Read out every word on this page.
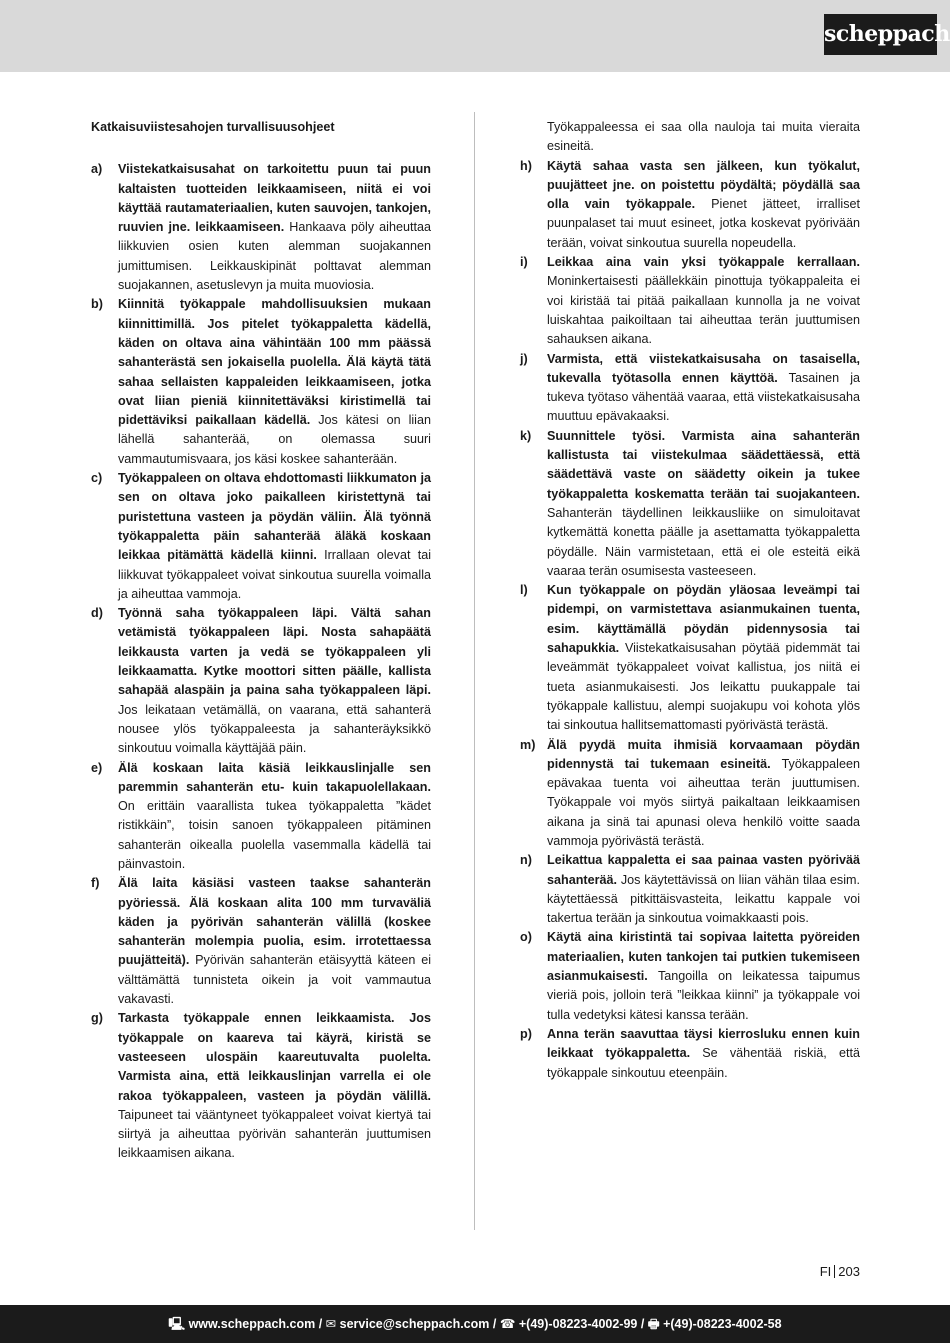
scheppach

Katkaisuviistesahojen turvallisuusohjeet

a)	Viistekatkaisusahat on tarkoitettu puun tai puun kaltaisten tuotteiden leikkaamiseen, niitä ei voi käyttää rautamateriaalien, kuten sauvojen, tankojen, ruuvien jne. leikkaamiseen. Hankaava pöly aiheuttaa liikkuvien osien kuten alemman suojakannen jumittumisen. Leikkauskipinät polttavat alemman suojakannen, asetuslevyn ja muita muoviosia.
b)	Kiinnitä työkappale mahdollisuuksien mukaan kiinnittimillä. Jos pitelet työkappaletta kädellä, käden on oltava aina vähintään 100 mm päässä sahanterästä sen jokaisella puolella. Älä käytä tätä sahaa sellaisten kappaleiden leikkaamiseen, jotka ovat liian pieniä kiinnitettäväksi kiristimellä tai pidettäviksi paikallaan kädellä. Jos kätesi on liian lähellä sahanterää, on olemassa suuri vammautumisvaara, jos käsi koskee sahanterään.
c)	Työkappaleen on oltava ehdottomasti liikkumaton ja sen on oltava joko paikalleen kiristettynä tai puristettuna vasteen ja pöydän väliin. Älä työnnä työkappaletta päin sahanterää äläkä koskaan leikkaa pitämättä kädellä kiinni. Irrallaan olevat tai liikkuvat työkappaleet voivat sinkoutua suurella voimalla ja aiheuttaa vammoja.
d)	Työnnä saha työkappaleen läpi. Vältä sahan vetämistä työkappaleen läpi. Nosta sahapäätä leikkausta varten ja vedä se työkappaleen yli leikkaamatta. Kytke moottori sitten päälle, kallista sahapää alaspäin ja paina saha työkappaleen läpi. Jos leikataan vetämällä, on vaarana, että sahanterä nousee ylös työkappaleesta ja sahanteräyksikkö sinkoutuu voimalla käyttäjää päin.
e)	Älä koskaan laita käsiä leikkauslinjalle sen paremmin sahanterän etu- kuin takapuolellakaan. On erittäin vaarallista tukea työkappaletta ”kädet ristikkäin”, toisin sanoen työkappaleen pitäminen sahanterän oikealla puolella vasemmalla kädellä tai päinvastoin.
f)	Älä laita käsiäsi vasteen taakse sahanterän pyöriessä. Älä koskaan alita 100 mm turvaväliä käden ja pyörivän sahanterän välillä (koskee sahanterän molempia puolia, esim. irrotettaessa puujätteitä). Pyörivän sahanterän etäisyyttä käteen ei välttämättä tunnisteta oikein ja voit vammautua vakavasti.
g)	Tarkasta työkappale ennen leikkaamista. Jos työkappale on kaareva tai käyrä, kiristä se vasteeseen ulospäin kaareutuvalta puolelta. Varmista aina, että leikkauslinjan varrella ei ole rakoa työkappaleen, vasteen ja pöydän välillä. Taipuneet tai vääntyneet työkappaleet voivat kiertyä tai siirtyä ja aiheuttaa pyörivän sahanterän juuttumisen leikkaamisen aikana.

Työkappaleessa ei saa olla nauloja tai muita vieraita esineitä.

h)	Käytä sahaa vasta sen jälkeen, kun työkalut, puujätteet jne. on poistettu pöydältä; pöydällä saa olla vain työkappale. Pienet jätteet, irralliset puunpalaset tai muut esineet, jotka koskevat pyörivään terään, voivat sinkoutua suurella nopeudella.
i)	Leikkaa aina vain yksi työkappale kerrallaan. Moninkertaisesti päällekkäin pinottuja työkappaleita ei voi kiristää tai pitää paikallaan kunnolla ja ne voivat luiskahtaa paikoiltaan tai aiheuttaa terän juuttumisen sahauksen aikana.
j)	Varmista, että viistekatkaisusaha on tasaisella, tukevalla työtasolla ennen käyttöä. Tasainen ja tukeva työtaso vähentää vaaraa, että viistekatkaisusaha muuttuu epävakaaksi.
k)	Suunnittele työsi. Varmista aina sahanterän kallistusta tai viistekulmaa säädettäessä, että säädettävä vaste on säädetty oikein ja tukee työkappaletta koskematta terään tai suojakanteen. Sahanterän täydellinen leikkausliike on simuloitavat kytkemättä konetta päälle ja asettamatta työkappaletta pöydälle. Näin varmistetaan, että ei ole esteitä eikä vaaraa terän osumisesta vasteeseen.
l)	Kun työkappale on pöydän yläosaa leveämpi tai pidempi, on varmistettava asianmukainen tuenta, esim. käyttämällä pöydän pidennysosia tai sahapukkia. Viistekatkaisusahan pöytää pidemmät tai leveämmät työkappaleet voivat kallistua, jos niitä ei tueta asianmukaisesti. Jos leikattu puukappale tai työkappale kallistuu, alempi suojakupu voi kohota ylös tai sinkoutua hallitsemattomasti pyörivästä terästä.
m) Älä pyydä muita ihmisiä korvaamaan pöydän pidennystä tai tukemaan esineitä. Työkappaleen epävakaa tuenta voi aiheuttaa terän juuttumisen. Työkappale voi myös siirtyä paikaltaan leikkaamisen aikana ja sinä tai apunasi oleva henkilö voitte saada vammoja pyörivästä terästä.
n)	Leikattua kappaletta ei saa painaa vasten pyörivää sahanterää. Jos käytettävissä on liian vähän tilaa esim. käytettäessä pitkittäisvasteita, leikattu kappale voi takertua terään ja sinkoutua voimakkaasti pois.
o)	Käytä aina kiristintä tai sopivaa laitetta pyöreiden materiaalien, kuten tankojen tai putkien tukemiseen asianmukaisesti. Tangoilla on leikatessa taipumus vieriä pois, jolloin terä ”leikkaa kiinni” ja työkappale voi tulla vedetyksi kätesi kanssa terään.
p)	Anna terän saavuttaa täysi kierrosluku ennen kuin leikkaat työkappaletta. Se vähentää riskiä, että työkappale sinkoutuu eteenpäin.
FI 203
🖳 www.scheppach.com / ✉ service@scheppach.com / ☎ +(49)-08223-4002-99 / 🖶 +(49)-08223-4002-58
